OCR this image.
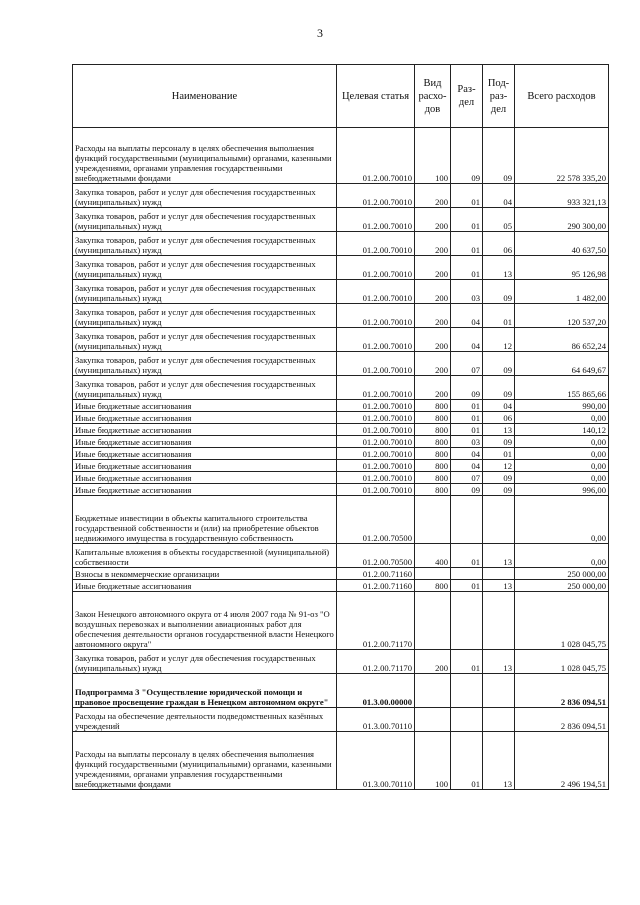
3
Наименование	Целевая статья	Вид расхо-дов	Раз-дел	Под-раз-дел	Всего расходов
Расходы на выплаты персоналу в целях обеспечения выполнения функций государственными (муниципальными) органами, казенными учреждениями, органами управления государственными внебюджетными фондами	01.2.00.70010	100	09	09	22 578 335,20
Закупка товаров, работ и услуг для обеспечения государственных (муниципальных) нужд	01.2.00.70010	200	01	04	933 321,13
Закупка товаров, работ и услуг для обеспечения государственных (муниципальных) нужд	01.2.00.70010	200	01	05	290 300,00
Закупка товаров, работ и услуг для обеспечения государственных (муниципальных) нужд	01.2.00.70010	200	01	06	40 637,50
Закупка товаров, работ и услуг для обеспечения государственных (муниципальных) нужд	01.2.00.70010	200	01	13	95 126,98
Закупка товаров, работ и услуг для обеспечения государственных (муниципальных) нужд	01.2.00.70010	200	03	09	1 482,00
Закупка товаров, работ и услуг для обеспечения государственных (муниципальных) нужд	01.2.00.70010	200	04	01	120 537,20
Закупка товаров, работ и услуг для обеспечения государственных (муниципальных) нужд	01.2.00.70010	200	04	12	86 652,24
Закупка товаров, работ и услуг для обеспечения государственных (муниципальных) нужд	01.2.00.70010	200	07	09	64 649,67
Закупка товаров, работ и услуг для обеспечения государственных (муниципальных) нужд	01.2.00.70010	200	09	09	155 865,66
Иные бюджетные ассигнования	01.2.00.70010	800	01	04	990,00
Иные бюджетные ассигнования	01.2.00.70010	800	01	06	0,00
Иные бюджетные ассигнования	01.2.00.70010	800	01	13	140,12
Иные бюджетные ассигнования	01.2.00.70010	800	03	09	0,00
Иные бюджетные ассигнования	01.2.00.70010	800	04	01	0,00
Иные бюджетные ассигнования	01.2.00.70010	800	04	12	0,00
Иные бюджетные ассигнования	01.2.00.70010	800	07	09	0,00
Иные бюджетные ассигнования	01.2.00.70010	800	09	09	996,00
Бюджетные инвестиции в объекты капитального строительства государственной собственности и (или) на приобретение объектов недвижимого имущества в государственную собственность	01.2.00.70500				0,00
Капитальные вложения в объекты государственной (муниципальной) собственности	01.2.00.70500	400	01	13	0,00
Взносы в некоммерческие организации	01.2.00.71160				250 000,00
Иные бюджетные ассигнования	01.2.00.71160	800	01	13	250 000,00
Закон Ненецкого автономного округа от 4 июля 2007 года № 91-оз "О воздушных перевозках и выполнении авиационных работ для обеспечения деятельности органов государственной власти Ненецкого автономного округа"	01.2.00.71170				1 028 045,75
Закупка товаров, работ и услуг для обеспечения государственных (муниципальных) нужд	01.2.00.71170	200	01	13	1 028 045,75
Подпрограмма 3 "Осуществление юридической помощи и правовое просвещение граждан в Ненецком автономном округе"	01.3.00.00000				2 836 094,51
Расходы на обеспечение деятельности подведомственных казённых учреждений	01.3.00.70110				2 836 094,51
Расходы на выплаты персоналу в целях обеспечения выполнения функций государственными (муниципальными) органами, казенными учреждениями, органами управления государственными внебюджетными фондами	01.3.00.70110	100	01	13	2 496 194,51
